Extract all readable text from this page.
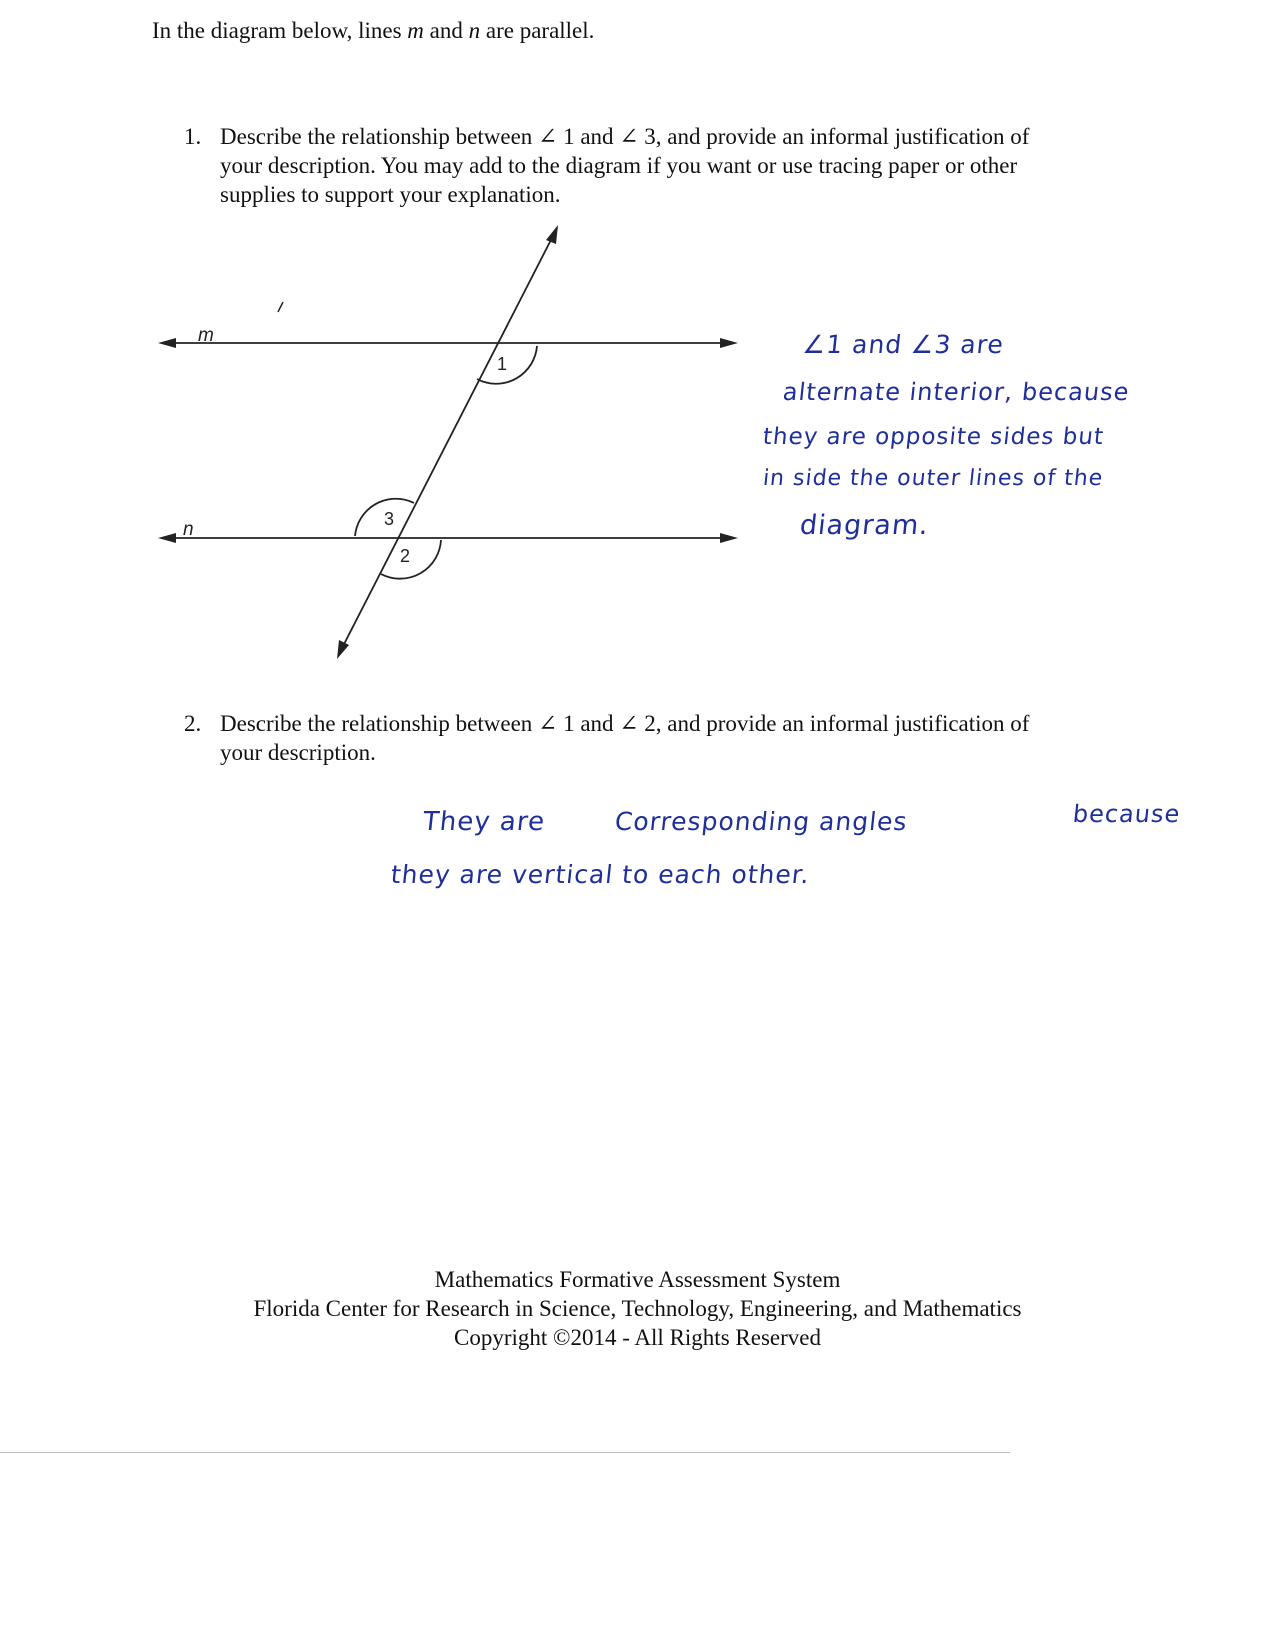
In the diagram below, lines m and n are parallel.
1. Describe the relationship between ∠ 1 and ∠ 3, and provide an informal justification of
your description. You may add to the diagram if you want or use tracing paper or other
supplies to support your explanation.
m
n
1
3
2
∠1 and ∠3 are
alternate interior, because
they are opposite sides but
in side the outer lines of the
diagram.
2. Describe the relationship between ∠ 1 and ∠ 2, and provide an informal justification of
your description.
They are	Corresponding angles	because
they are vertical to each other.
Mathematics Formative Assessment System
Florida Center for Research in Science, Technology, Engineering, and Mathematics
Copyright ©2014 - All Rights Reserved
